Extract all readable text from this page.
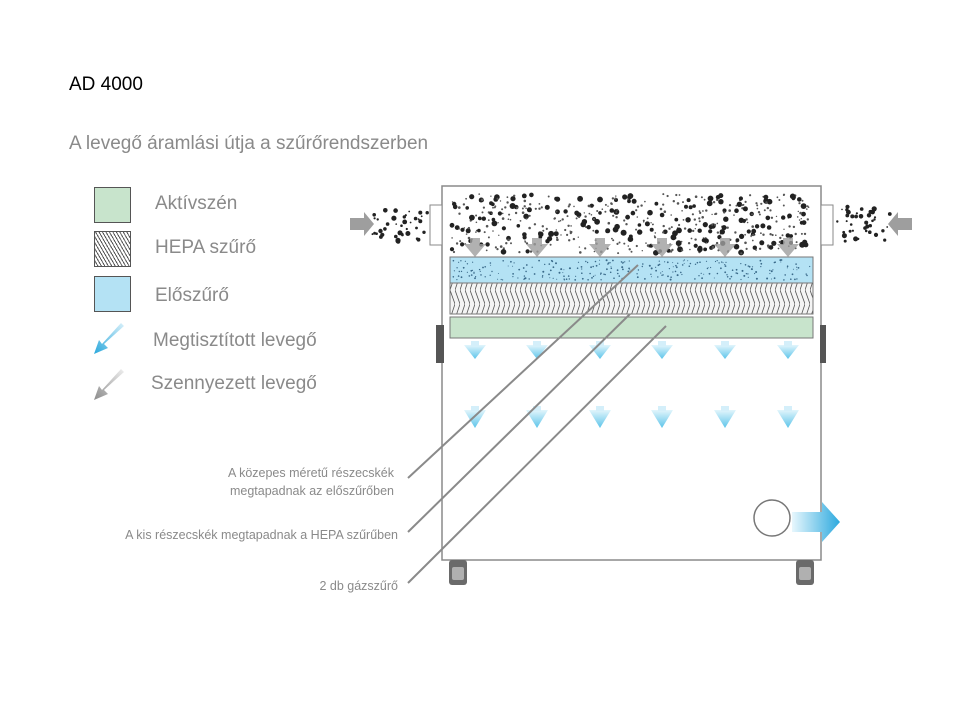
AD 4000
A levegő áramlási útja a szűrőrendszerben
Aktívszén
HEPA szűrő
Előszűrő
Megtisztított levegő
Szennyezett levegő
A közepes méretű részecskék
megtapadnak az előszűrőben
A kis részecskék megtapadnak a HEPA szűrűben
2 db gázszűrő
